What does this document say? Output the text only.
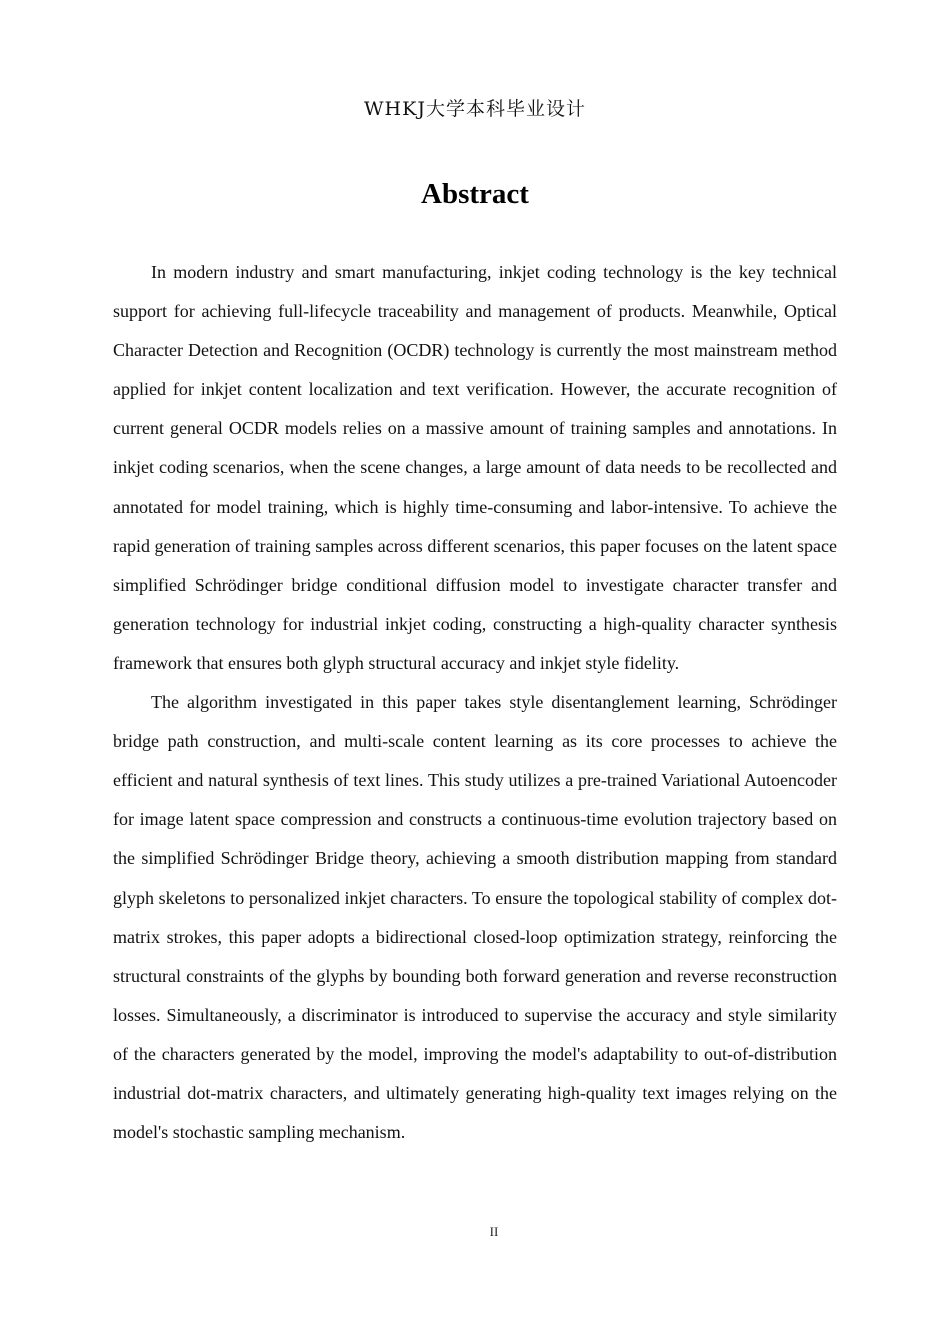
WHKJ大学本科毕业设计
Abstract

In modern industry and smart manufacturing, inkjet coding technology is the key technical support for achieving full-lifecycle traceability and management of products. Meanwhile, Optical Character Detection and Recognition (OCDR) technology is currently the most mainstream method applied for inkjet content localization and text verification. However, the accurate recognition of current general OCDR models relies on a massive amount of training samples and annotations. In inkjet coding scenarios, when the scene changes, a large amount of data needs to be recollected and annotated for model training, which is highly time-consuming and labor-intensive. To achieve the rapid generation of training samples across different scenarios, this paper focuses on the latent space simplified Schrödinger bridge conditional diffusion model to investigate character transfer and generation technology for industrial inkjet coding, constructing a high-quality character synthesis framework that ensures both glyph structural accuracy and inkjet style fidelity.

The algorithm investigated in this paper takes style disentanglement learning, Schrödinger bridge path construction, and multi-scale content learning as its core processes to achieve the efficient and natural synthesis of text lines. This study utilizes a pre-trained Variational Autoencoder for image latent space compression and constructs a continuous-time evolution trajectory based on the simplified Schrödinger Bridge theory, achieving a smooth distribution mapping from standard glyph skeletons to personalized inkjet characters. To ensure the topological stability of complex dot-matrix strokes, this paper adopts a bidirectional closed-loop optimization strategy, reinforcing the structural constraints of the glyphs by bounding both forward generation and reverse reconstruction losses. Simultaneously, a discriminator is introduced to supervise the accuracy and style similarity of the characters generated by the model, improving the model's adaptability to out-of-distribution industrial dot-matrix characters, and ultimately generating high-quality text images relying on the model's stochastic sampling mechanism.

II
